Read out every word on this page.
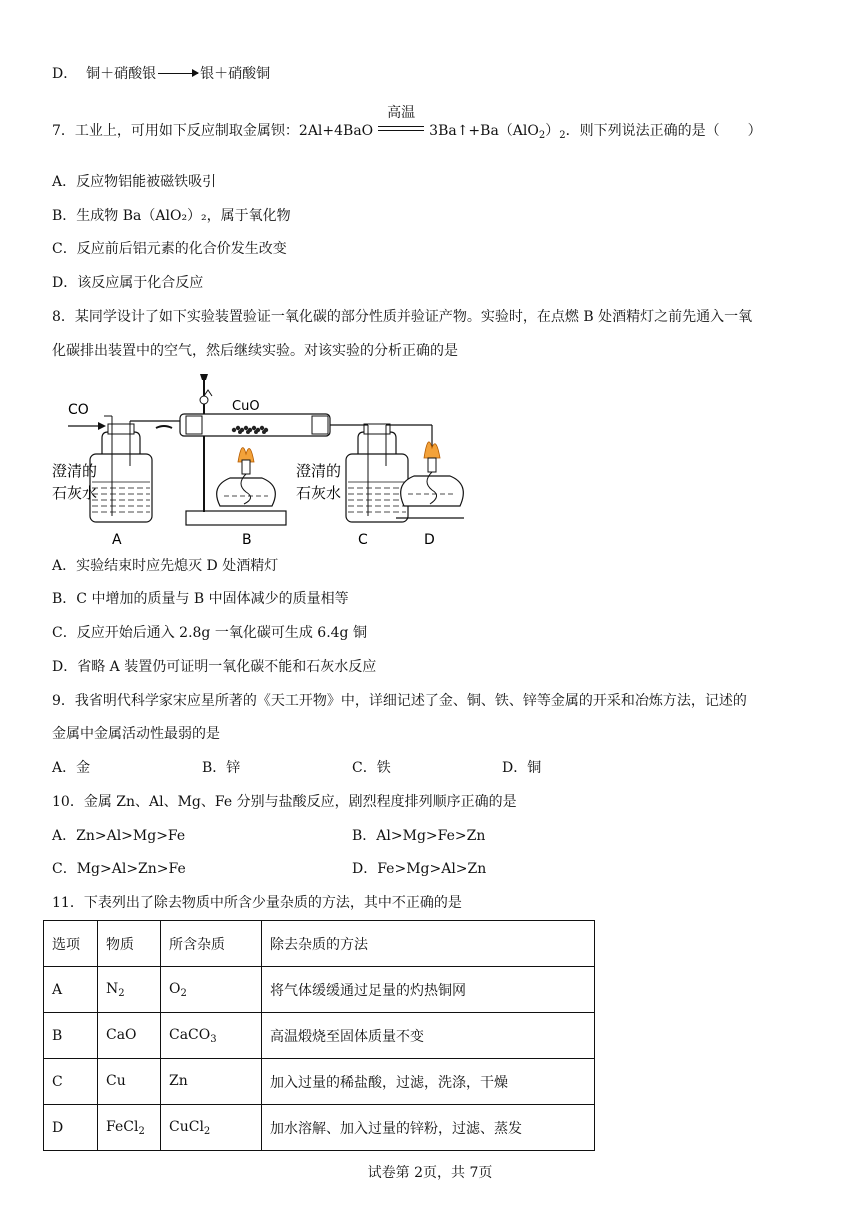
D． 铜＋硝酸银 → 银＋硝酸铜
7．工业上，可用如下反应制取金属钡：2Al+4BaO
高温
$3Ba↑+Ba(AlO_2)_2$．则下列说法正确的是（　　）
A．反应物铝能被磁铁吸引
B．生成物 Ba（AlO₂）₂，属于氧化物
C．反应前后铝元素的化合价发生改变
D．该反应属于化合反应
8．某同学设计了如下实验装置验证一氧化碳的部分性质并验证产物。实验时，在点燃 B 处酒精灯之前先通入一氧
化碳排出装置中的空气，然后继续实验。对该实验的分析正确的是
CO
澄清的
石灰水
A
CuO
B
澄清的
石灰水
C	D
A．实验结束时应先熄灭 D 处酒精灯
B．C 中增加的质量与 B 中固体减少的质量相等
C．反应开始后通入 2.8g 一氧化碳可生成 6.4g 铜
D．省略 A 装置仍可证明一氧化碳不能和石灰水反应
9．我省明代科学家宋应星所著的《天工开物》中，详细记述了金、铜、铁、锌等金属的开采和冶炼方法，记述的
金属中金属活动性最弱的是
A．金	B．锌	C．铁	D．铜
10．金属 Zn、Al、Mg、Fe 分别与盐酸反应，剧烈程度排列顺序正确的是
A．Zn>Al>Mg>Fe	B．Al>Mg>Fe>Zn
C．Mg>Al>Zn>Fe	D．Fe>Mg>Al>Zn
11．下表列出了除去物质中所含少量杂质的方法，其中不正确的是
选项	物质	所含杂质	除去杂质的方法
A	$N_2$	$O_2$	将气体缓缓通过足量的灼热铜网
B	CaO	CaCO$_3$	高温煅烧至固体质量不变
C	Cu	Zn	加入过量的稀盐酸，过滤，洗涤，干燥
D	FeCl$_2$	CuCl$_2$	加水溶解、加入过量的锌粉，过滤、蒸发
试卷第 2页，共 7页
